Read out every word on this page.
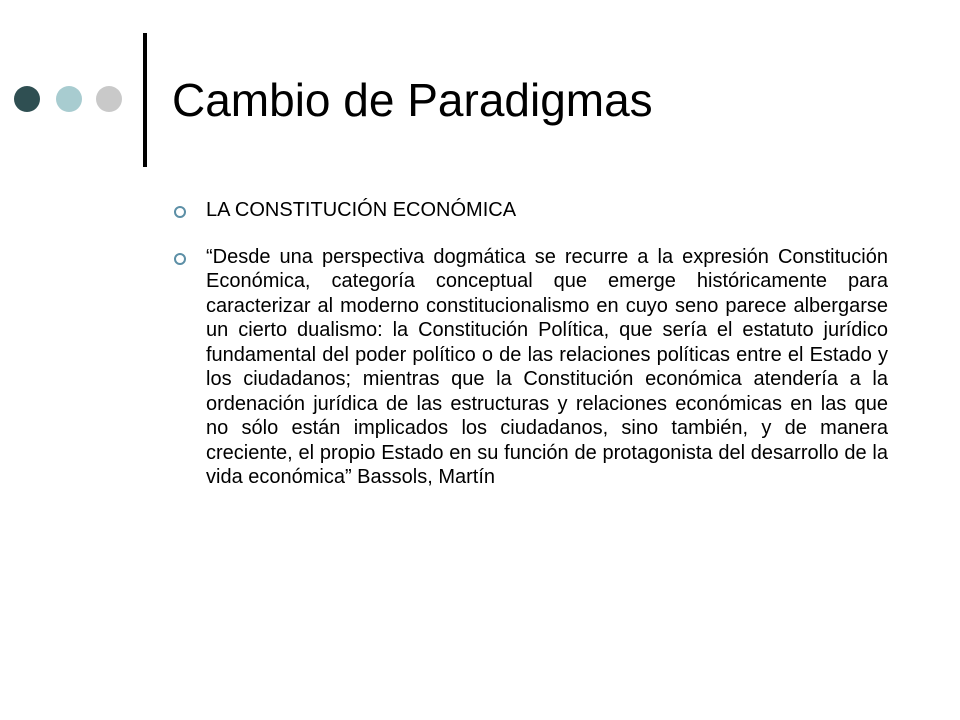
Cambio de Paradigmas
LA CONSTITUCIÓN ECONÓMICA
“Desde una perspectiva dogmática se recurre a la expresión Constitución Económica, categoría conceptual que emerge históricamente para caracterizar al moderno constitucionalismo en cuyo seno parece albergarse un cierto dualismo: la Constitución Política, que sería el estatuto jurídico fundamental del poder político o de las relaciones políticas entre el Estado y los ciudadanos; mientras que la Constitución económica atendería a la ordenación jurídica de las estructuras y relaciones económicas en las que no sólo están implicados los ciudadanos, sino también, y de manera creciente, el propio Estado en su función de protagonista del desarrollo de la vida económica” Bassols, Martín
